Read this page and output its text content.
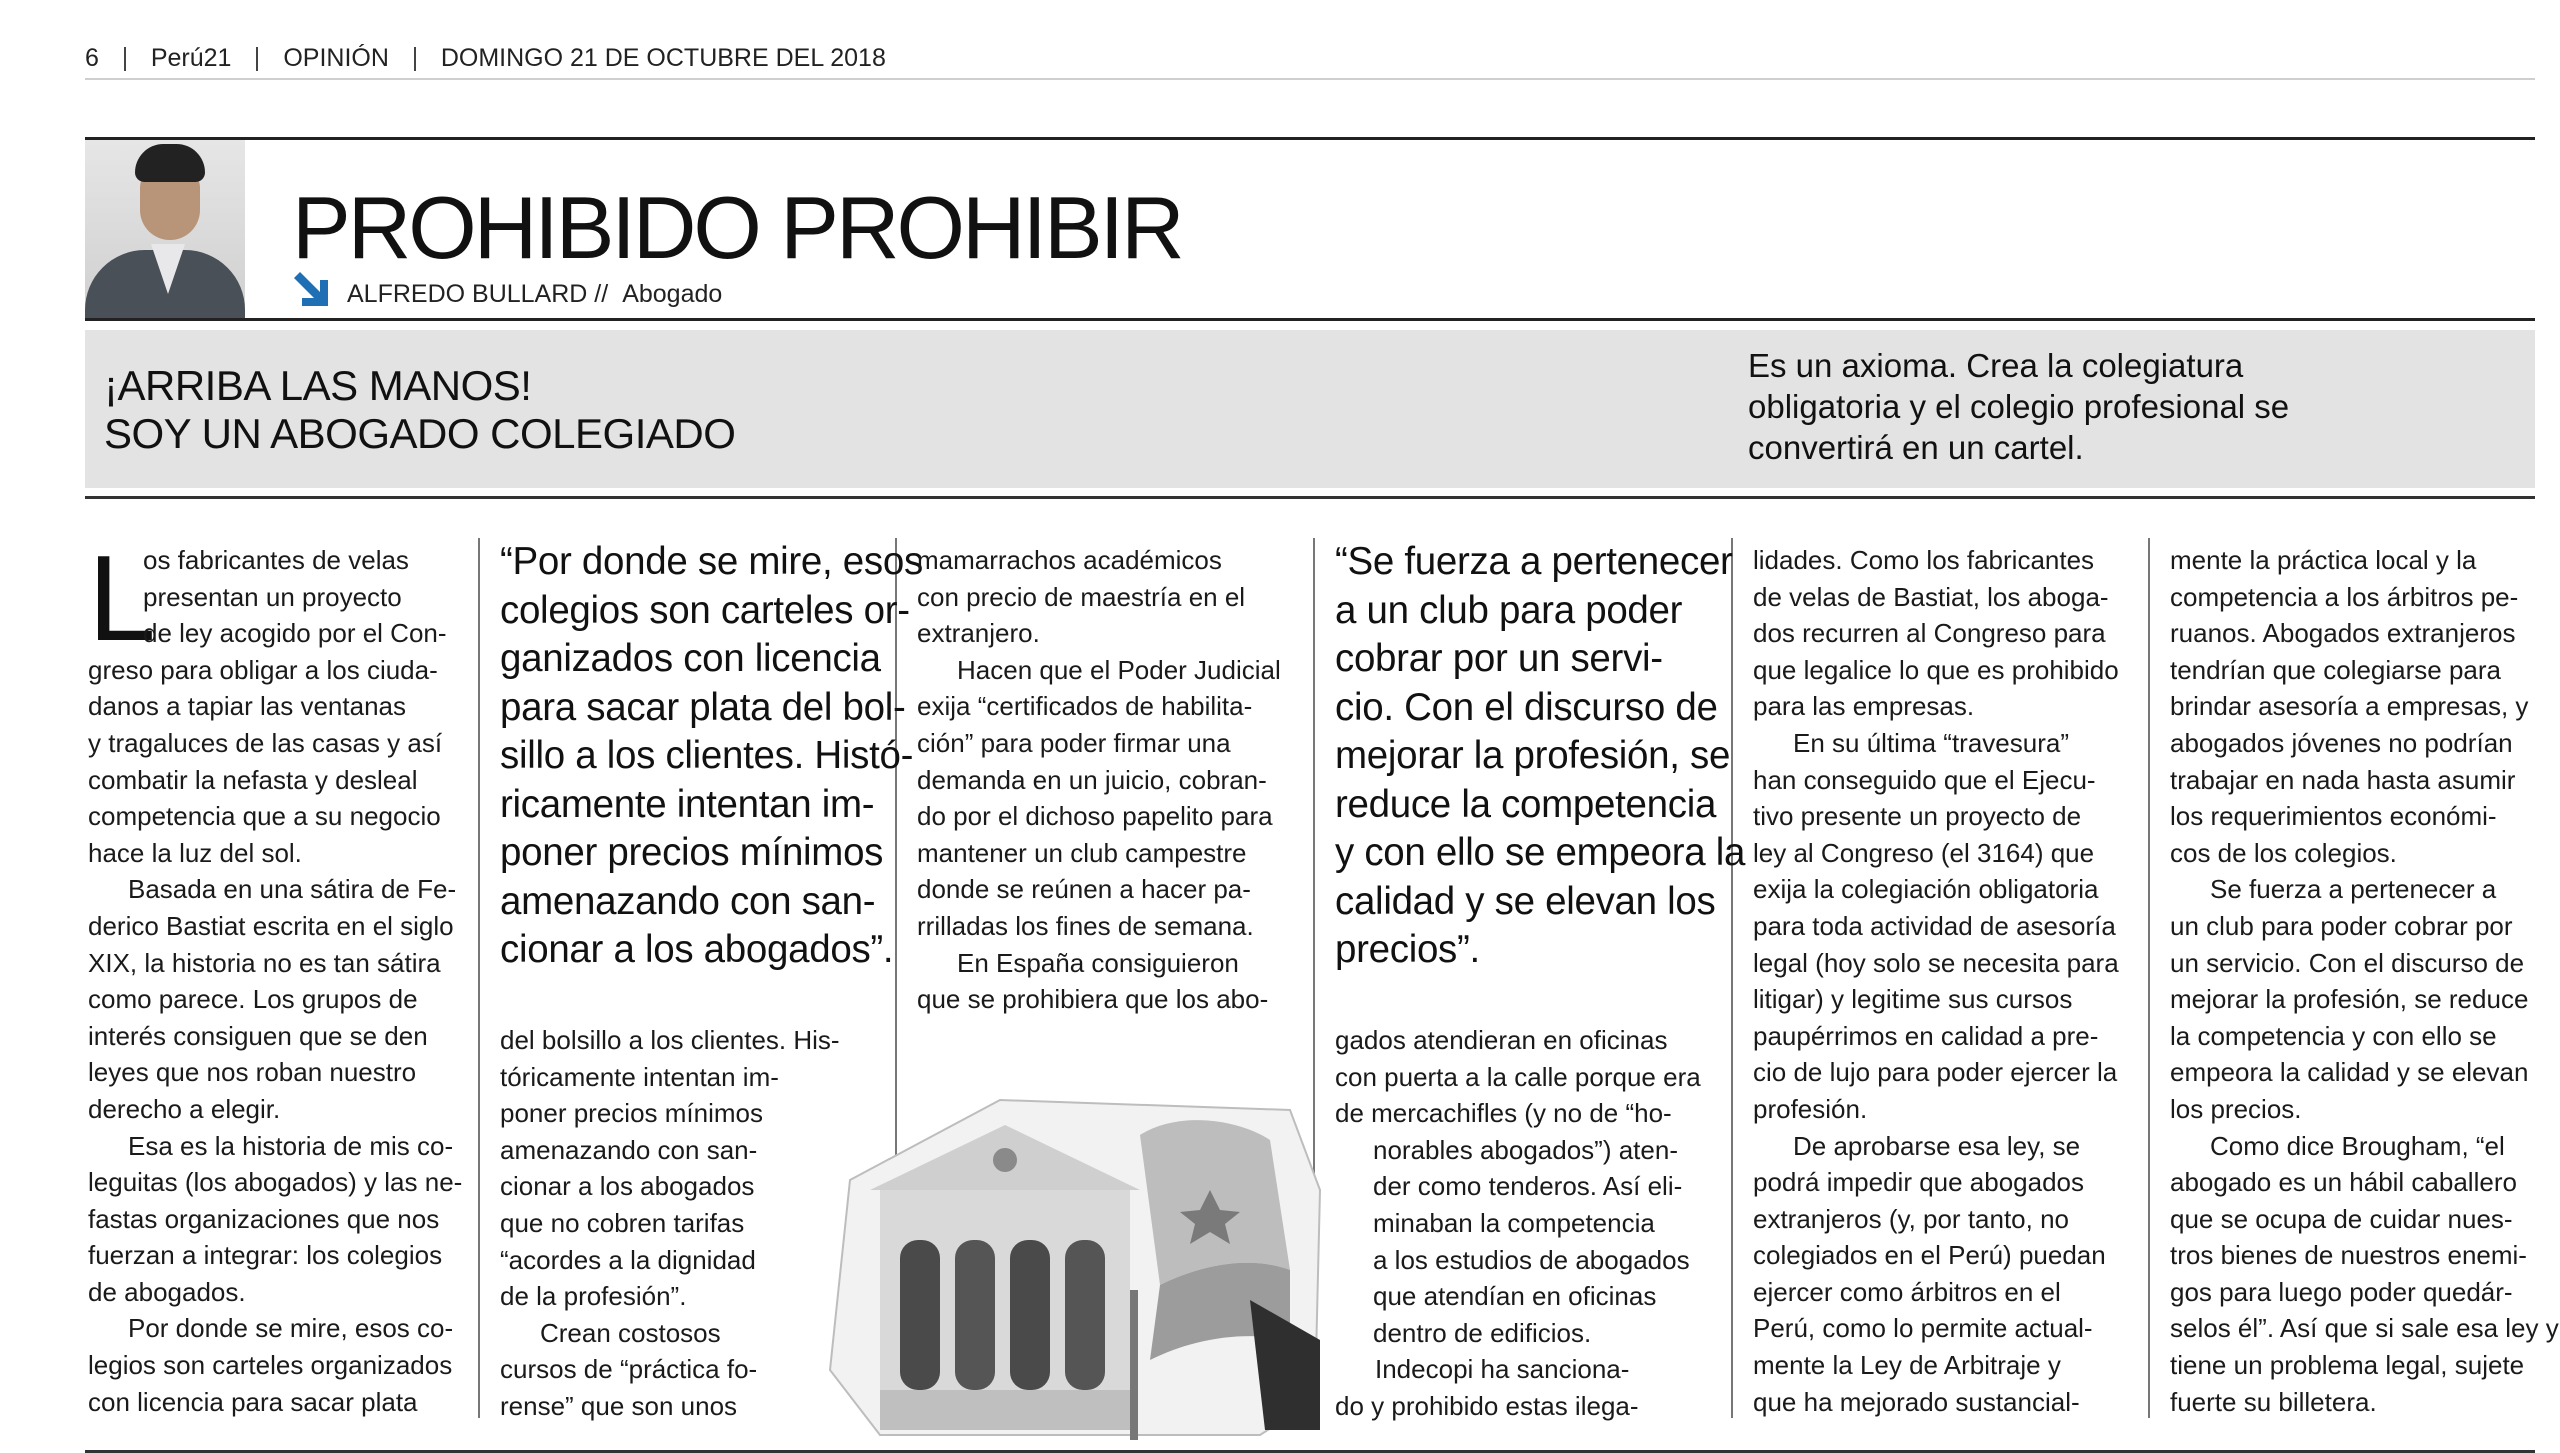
6 Perú21 OPINIÓN DOMINGO 21 DE OCTUBRE DEL 2018
PROHIBIDO PROHIBIR
ALFREDO BULLARD // Abogado
¡ARRIBA LAS MANOS!
SOY UN ABOGADO COLEGIADO
Es un axioma. Crea la colegiatura
obligatoria y el colegio profesional se
convertirá en un cartel.
L

os fabricantes de velas

presentan un proyecto

de ley acogido por el Con-

greso para obligar a los ciuda-

danos a tapiar las ventanas

y tragaluces de las casas y así

combatir la nefasta y desleal

competencia que a su negocio

hace la luz del sol.

Basada en una sátira de Fe-

derico Bastiat escrita en el siglo

XIX, la historia no es tan sátira

como parece. Los grupos de

interés consiguen que se den

leyes que nos roban nuestro

derecho a elegir.

Esa es la historia de mis co-

leguitas (los abogados) y las ne-

fastas organizaciones que nos

fuerzan a integrar: los colegios

de abogados.

Por donde se mire, esos co-

legios son carteles organizados

con licencia para sacar plata

“Por donde se mire, esos
colegios son carteles or-
ganizados con licencia
para sacar plata del bol-
sillo a los clientes. Histó-
ricamente intentan im-
poner precios mínimos
amenazando con san-
cionar a los abogados”.

del bolsillo a los clientes. His-

tóricamente intentan im-

poner precios mínimos

amenazando con san-

cionar a los abogados

que no cobren tarifas

“acordes a la dignidad

de la profesión”.

Crean costosos

cursos de “práctica fo-

rense” que son unos

mamarrachos académicos

con precio de maestría en el

extranjero.

Hacen que el Poder Judicial

exija “certificados de habilita-

ción” para poder firmar una

demanda en un juicio, cobran-

do por el dichoso papelito para

mantener un club campestre

donde se reúnen a hacer pa-

rrilladas los fines de semana.

En España consiguieron

que se prohibiera que los abo-

“Se fuerza a pertenecer
a un club para poder
cobrar por un servi-
cio. Con el discurso de
mejorar la profesión, se
reduce la competencia
y con ello se empeora la
calidad y se elevan los
precios”.

gados atendieran en oficinas

con puerta a la calle porque era

de mercachifles (y no de “ho-

norables abogados”) aten-

der como tenderos. Así eli-

minaban la competencia

a los estudios de abogados

que atendían en oficinas

dentro de edificios.

Indecopi ha sanciona-

do y prohibido estas ilega-

lidades. Como los fabricantes

de velas de Bastiat, los aboga-

dos recurren al Congreso para

que legalice lo que es prohibido

para las empresas.

En su última “travesura”

han conseguido que el Ejecu-

tivo presente un proyecto de

ley al Congreso (el 3164) que

exija la colegiación obligatoria

para toda actividad de asesoría

legal (hoy solo se necesita para

litigar) y legitime sus cursos

paupérrimos en calidad a pre-

cio de lujo para poder ejercer la

profesión.

De aprobarse esa ley, se

podrá impedir que abogados

extranjeros (y, por tanto, no

colegiados en el Perú) puedan

ejercer como árbitros en el

Perú, como lo permite actual-

mente la Ley de Arbitraje y

que ha mejorado sustancial-

mente la práctica local y la

competencia a los árbitros pe-

ruanos. Abogados extranjeros

tendrían que colegiarse para

brindar asesoría a empresas, y

abogados jóvenes no podrían

trabajar en nada hasta asumir

los requerimientos económi-

cos de los colegios.

Se fuerza a pertenecer a

un club para poder cobrar por

un servicio. Con el discurso de

mejorar la profesión, se reduce

la competencia y con ello se

empeora la calidad y se elevan

los precios.

Como dice Brougham, “el

abogado es un hábil caballero

que se ocupa de cuidar nues-

tros bienes de nuestros enemi-

gos para luego poder quedár-

selos él”. Así que si sale esa ley y

tiene un problema legal, sujete

fuerte su billetera.
